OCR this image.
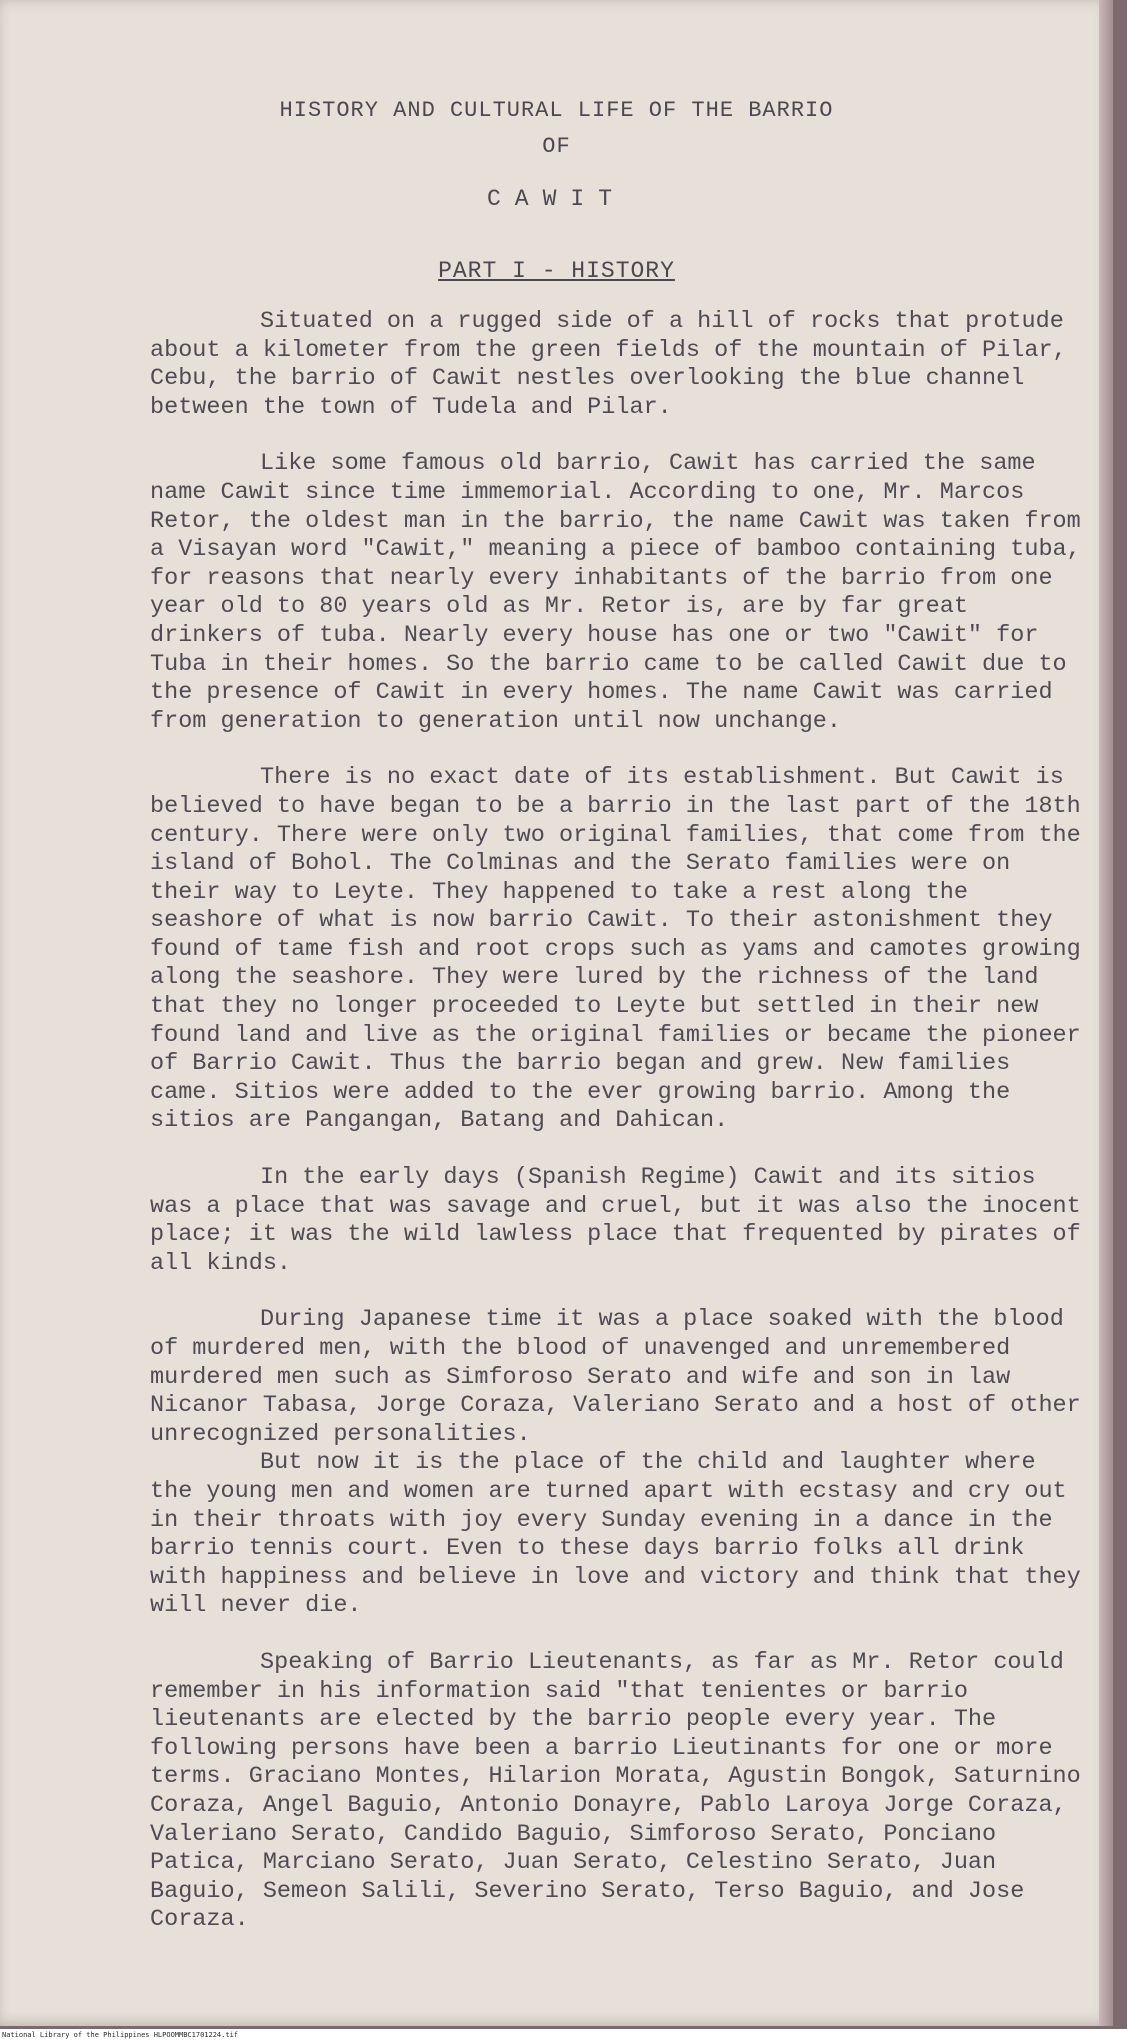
HISTORY AND CULTURAL LIFE OF THE BARRIO
OF
CAWIT
PART I - HISTORY

Situated on a rugged side of a hill of rocks that protude about a kilometer from the green fields of the mountain of Pilar, Cebu, the barrio of Cawit nestles overlooking the blue channel between the town of Tudela and Pilar.

Like some famous old barrio, Cawit has carried the same name Cawit since time immemorial. According to one, Mr. Marcos Retor, the oldest man in the barrio, the name Cawit was taken from a Visayan word "Cawit," meaning a piece of bamboo containing tuba, for reasons that nearly every inhabitants of the barrio from one year old to 80 years old as Mr. Retor is, are by far great drinkers of tuba. Nearly every house has one or two "Cawit" for Tuba in their homes. So the barrio came to be called Cawit due to the presence of Cawit in every homes. The name Cawit was carried from generation to generation until now unchange.

There is no exact date of its establishment. But Cawit is believed to have began to be a barrio in the last part of the 18th century. There were only two original families, that come from the island of Bohol. The Colminas and the Serato families were on their way to Leyte. They happened to take a rest along the seashore of what is now barrio Cawit. To their astonishment they found of tame fish and root crops such as yams and camotes growing along the seashore. They were lured by the richness of the land that they no longer proceeded to Leyte but settled in their new found land and live as the original families or became the pioneer of Barrio Cawit. Thus the barrio began and grew. New families came. Sitios were added to the ever growing barrio. Among the sitios are Pangangan, Batang and Dahican.

In the early days (Spanish Regime) Cawit and its sitios was a place that was savage and cruel, but it was also the inocent place; it was the wild lawless place that frequented by pirates of all kinds.

During Japanese time it was a place soaked with the blood of murdered men, with the blood of unavenged and unremembered murdered men such as Simforoso Serato and wife and son in law Nicanor Tabasa, Jorge Coraza, Valeriano Serato and a host of other unrecognized personalities.

But now it is the place of the child and laughter where the young men and women are turned apart with ecstasy and cry out in their throats with joy every Sunday evening in a dance in the barrio tennis court. Even to these days barrio folks all drink with happiness and believe in love and victory and think that they will never die.

Speaking of Barrio Lieutenants, as far as Mr. Retor could remember in his information said "that tenientes or barrio lieutenants are elected by the barrio people every year. The following persons have been a barrio Lieutinants for one or more terms. Graciano Montes, Hilarion Morata, Agustin Bongok, Saturnino Coraza, Angel Baguio, Antonio Donayre, Pablo Laroya Jorge Coraza, Valeriano Serato, Candido Baguio, Simforoso Serato, Ponciano Patica, Marciano Serato, Juan Serato, Celestino Serato, Juan Baguio, Semeon Salili, Severino Serato, Terso Baguio, and Jose Coraza.

National Library of the Philippines HLPOOMMBC1701224.tif
